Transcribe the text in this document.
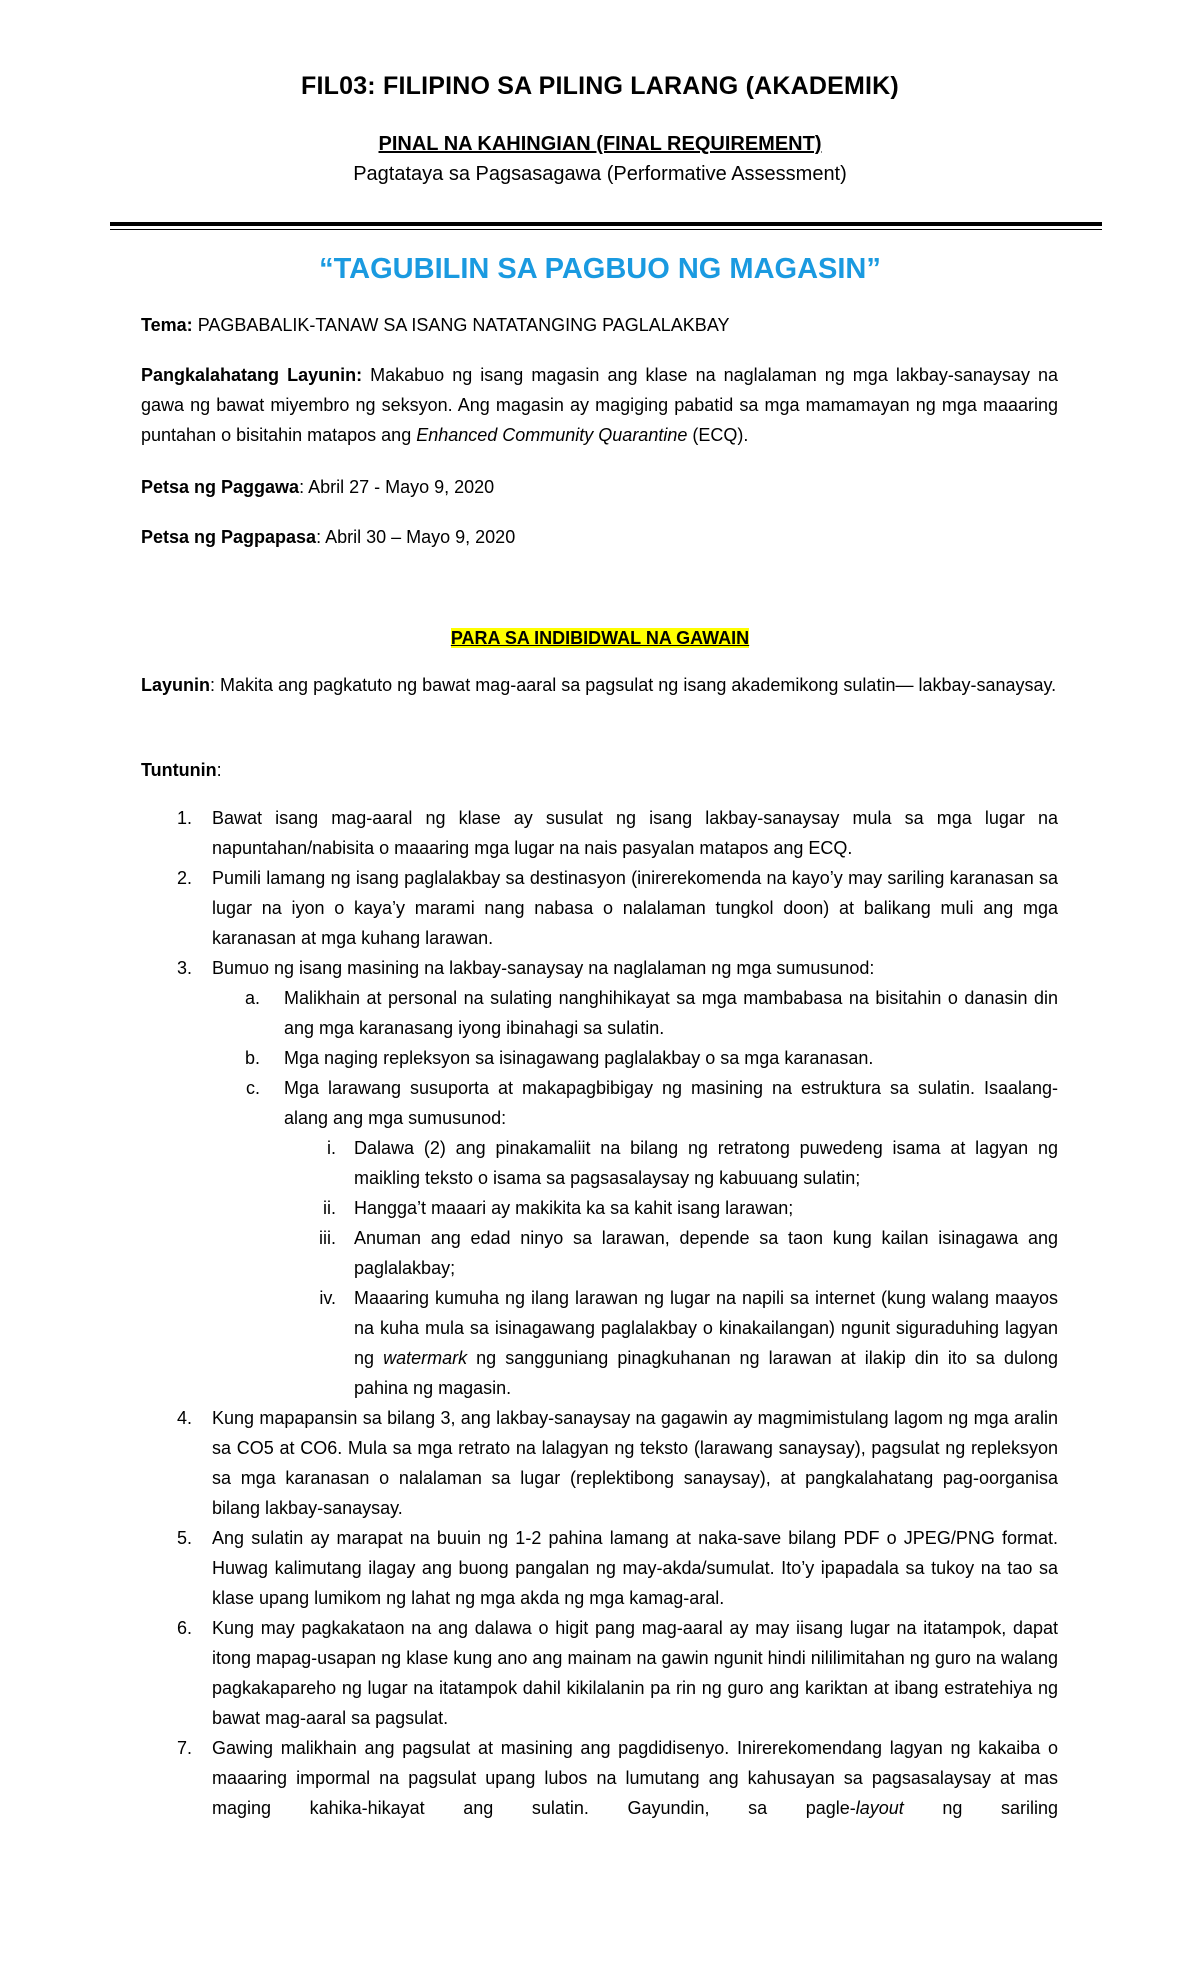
FIL03: FILIPINO SA PILING LARANG (AKADEMIK)
PINAL NA KAHINGIAN (FINAL REQUIREMENT)
Pagtataya sa Pagsasagawa (Performative Assessment)
“TAGUBILIN SA PAGBUO NG MAGASIN”
Tema: PAGBABALIK-TANAW SA ISANG NATATANGING PAGLALAKBAY
Pangkalahatang Layunin: Makabuo ng isang magasin ang klase na naglalaman ng mga lakbay-sanaysay na gawa ng bawat miyembro ng seksyon. Ang magasin ay magiging pabatid sa mga mamamayan ng mga maaaring puntahan o bisitahin matapos ang Enhanced Community Quarantine (ECQ).
Petsa ng Paggawa: Abril 27 - Mayo 9, 2020
Petsa ng Pagpapasa: Abril 30 – Mayo 9, 2020
PARA SA INDIBIDWAL NA GAWAIN
Layunin: Makita ang pagkatuto ng bawat mag-aaral sa pagsulat ng isang akademikong sulatin— lakbay-sanaysay.
Tuntunin:
1. Bawat isang mag-aaral ng klase ay susulat ng isang lakbay-sanaysay mula sa mga lugar na napuntahan/nabisita o maaaring mga lugar na nais pasyalan matapos ang ECQ.
2. Pumili lamang ng isang paglalakbay sa destinasyon (inirerekomenda na kayo’y may sariling karanasan sa lugar na iyon o kaya’y marami nang nabasa o nalalaman tungkol doon) at balikang muli ang mga karanasan at mga kuhang larawan.
3. Bumuo ng isang masining na lakbay-sanaysay na naglalaman ng mga sumusunod:
a. Malikhain at personal na sulating nanghihikayat sa mga mambabasa na bisitahin o danasin din ang mga karanasang iyong ibinahagi sa sulatin.
b. Mga naging repleksyon sa isinagawang paglalakbay o sa mga karanasan.
c. Mga larawang susuporta at makapagbibigay ng masining na estruktura sa sulatin. Isaalang-alang ang mga sumusunod:
i. Dalawa (2) ang pinakamaliit na bilang ng retratong puwedeng isama at lagyan ng maikling teksto o isama sa pagsasalaysay ng kabuuang sulatin;
ii. Hangga’t maaari ay makikita ka sa kahit isang larawan;
iii. Anuman ang edad ninyo sa larawan, depende sa taon kung kailan isinagawa ang paglalakbay;
iv. Maaaring kumuha ng ilang larawan ng lugar na napili sa internet (kung walang maayos na kuha mula sa isinagawang paglalakbay o kinakailangan) ngunit siguraduhing lagyan ng watermark ng sangguniang pinagkuhanan ng larawan at ilakip din ito sa dulong pahina ng magasin.
4. Kung mapapansin sa bilang 3, ang lakbay-sanaysay na gagawin ay magmimistulang lagom ng mga aralin sa CO5 at CO6. Mula sa mga retrato na lalagyan ng teksto (larawang sanaysay), pagsulat ng repleksyon sa mga karanasan o nalalaman sa lugar (replektibong sanaysay), at pangkalahatang pag-oorganisa bilang lakbay-sanaysay.
5. Ang sulatin ay marapat na buuin ng 1-2 pahina lamang at naka-save bilang PDF o JPEG/PNG format. Huwag kalimutang ilagay ang buong pangalan ng may-akda/sumulat. Ito’y ipapadala sa tukoy na tao sa klase upang lumikom ng lahat ng mga akda ng mga kamag-aral.
6. Kung may pagkakataon na ang dalawa o higit pang mag-aaral ay may iisang lugar na itatampok, dapat itong mapag-usapan ng klase kung ano ang mainam na gawin ngunit hindi nililimitahan ng guro na walang pagkakapareho ng lugar na itatampok dahil kikilalanin pa rin ng guro ang kariktan at ibang estratehiya ng bawat mag-aaral sa pagsulat.
7. Gawing malikhain ang pagsulat at masining ang pagdidisenyo. Inirerekomendang lagyan ng kakaiba o maaaring impormal na pagsulat upang lubos na lumutang ang kahusayan sa pagsasalaysay at mas maging kahika-hikayat ang sulatin. Gayundin, sa pagle-layout ng sariling
